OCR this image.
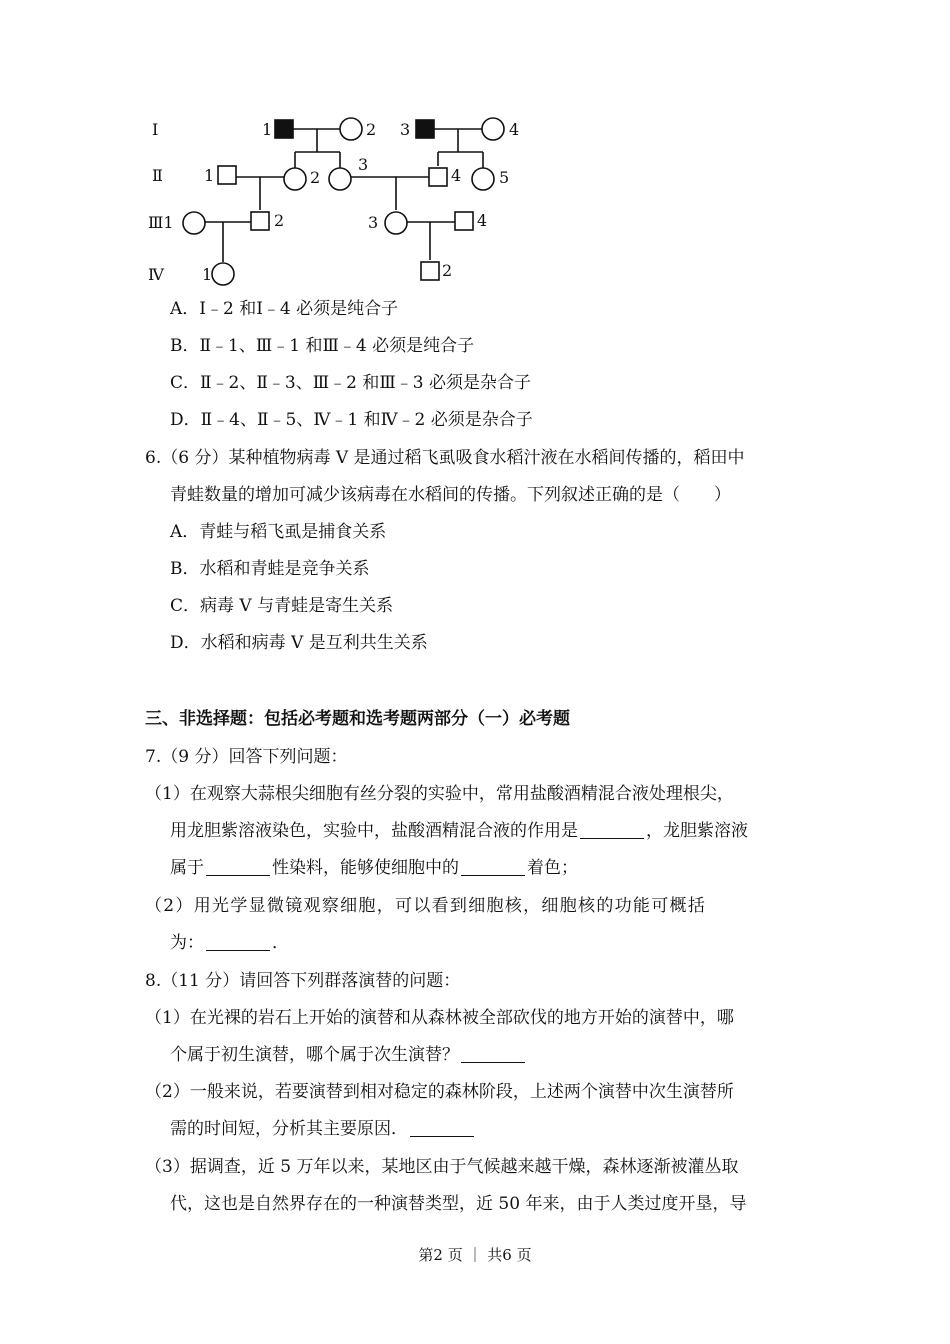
Ⅰ
Ⅱ
Ⅲ1
Ⅳ
1	2 3	4
1	2
3
4 5
2	3	4
1	2
A．Ⅰ﹣2 和Ⅰ﹣4 必须是纯合子
B．Ⅱ﹣1、Ⅲ﹣1 和Ⅲ﹣4 必须是纯合子
C．Ⅱ﹣2、Ⅱ﹣3、Ⅲ﹣2 和Ⅲ﹣3 必须是杂合子
D．Ⅱ﹣4、Ⅱ﹣5、Ⅳ﹣1 和Ⅳ﹣2 必须是杂合子
6.（6 分）某种植物病毒 V 是通过稻飞虱吸食水稻汁液在水稻间传播的，稻田中
青蛙数量的增加可减少该病毒在水稻间的传播。下列叙述正确的是（　　）
A．青蛙与稻飞虱是捕食关系
B．水稻和青蛙是竞争关系
C．病毒 V 与青蛙是寄生关系
D．水稻和病毒 V 是互利共生关系
三、非选择题：包括必考题和选考题两部分（一）必考题
7.（9 分）回答下列问题：
（1）在观察大蒜根尖细胞有丝分裂的实验中，常用盐酸酒精混合液处理根尖，
用龙胆紫溶液染色，实验中，盐酸酒精混合液的作用是	，龙胆紫溶液
属于	性染料，能够使细胞中的	着色；
（2）用光学显微镜观察细胞，可以看到细胞核，细胞核的功能可概括
为：	．
8.（11 分）请回答下列群落演替的问题：
（1）在光裸的岩石上开始的演替和从森林被全部砍伐的地方开始的演替中，哪
个属于初生演替，哪个属于次生演替？
（2）一般来说，若要演替到相对稳定的森林阶段，上述两个演替中次生演替所
需的时间短，分析其主要原因．
（3）据调查，近 5 万年以来，某地区由于气候越来越干燥，森林逐渐被灌丛取
代，这也是自然界存在的一种演替类型，近 50 年来，由于人类过度开垦，导
第2 页 ｜ 共6 页
